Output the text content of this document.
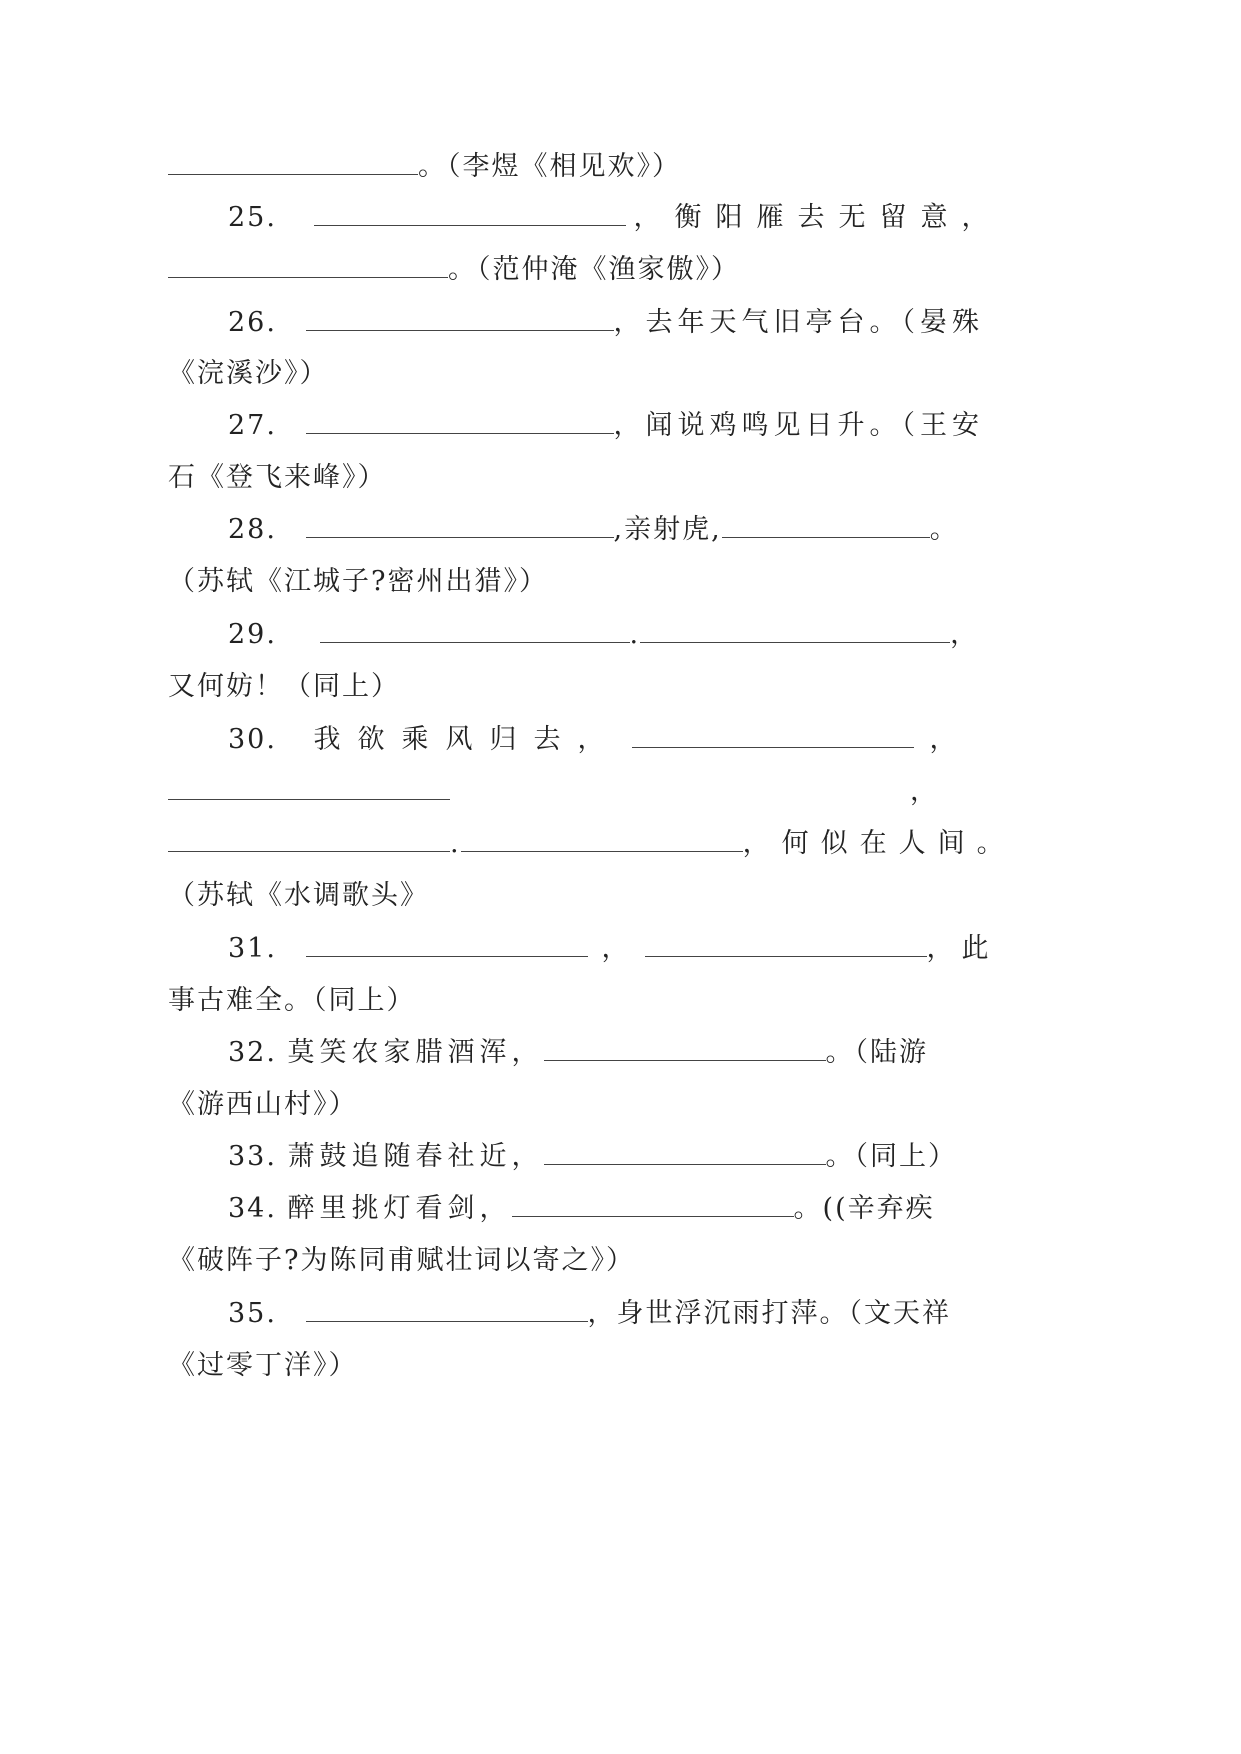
。（李煜《相见欢》）
25.	，衡阳雁去无留意，
。（范仲淹《渔家傲》）
26.	，去年天气旧亭台。（晏殊
《浣溪沙》）
27.	，闻说鸡鸣见日升。（王安
石《登飞来峰》）
28.	,亲射虎,	。
（苏轼《江城子?密州出猎》）
29.	.	，
又何妨！（同上）
30. 我欲乘风归去，	，
，
.	，何似在人间。
（苏轼《水调歌头》
31.	，	，此
事古难全。（同上）
32. 莫笑农家腊酒浑，	。（陆游
《游西山村》）
33. 萧鼓追随春社近，	。（同上）
34. 醉里挑灯看剑，	。((辛弃疾
《破阵子?为陈同甫赋壮词以寄之》）
35.	，身世浮沉雨打萍。（文天祥
《过零丁洋》）
